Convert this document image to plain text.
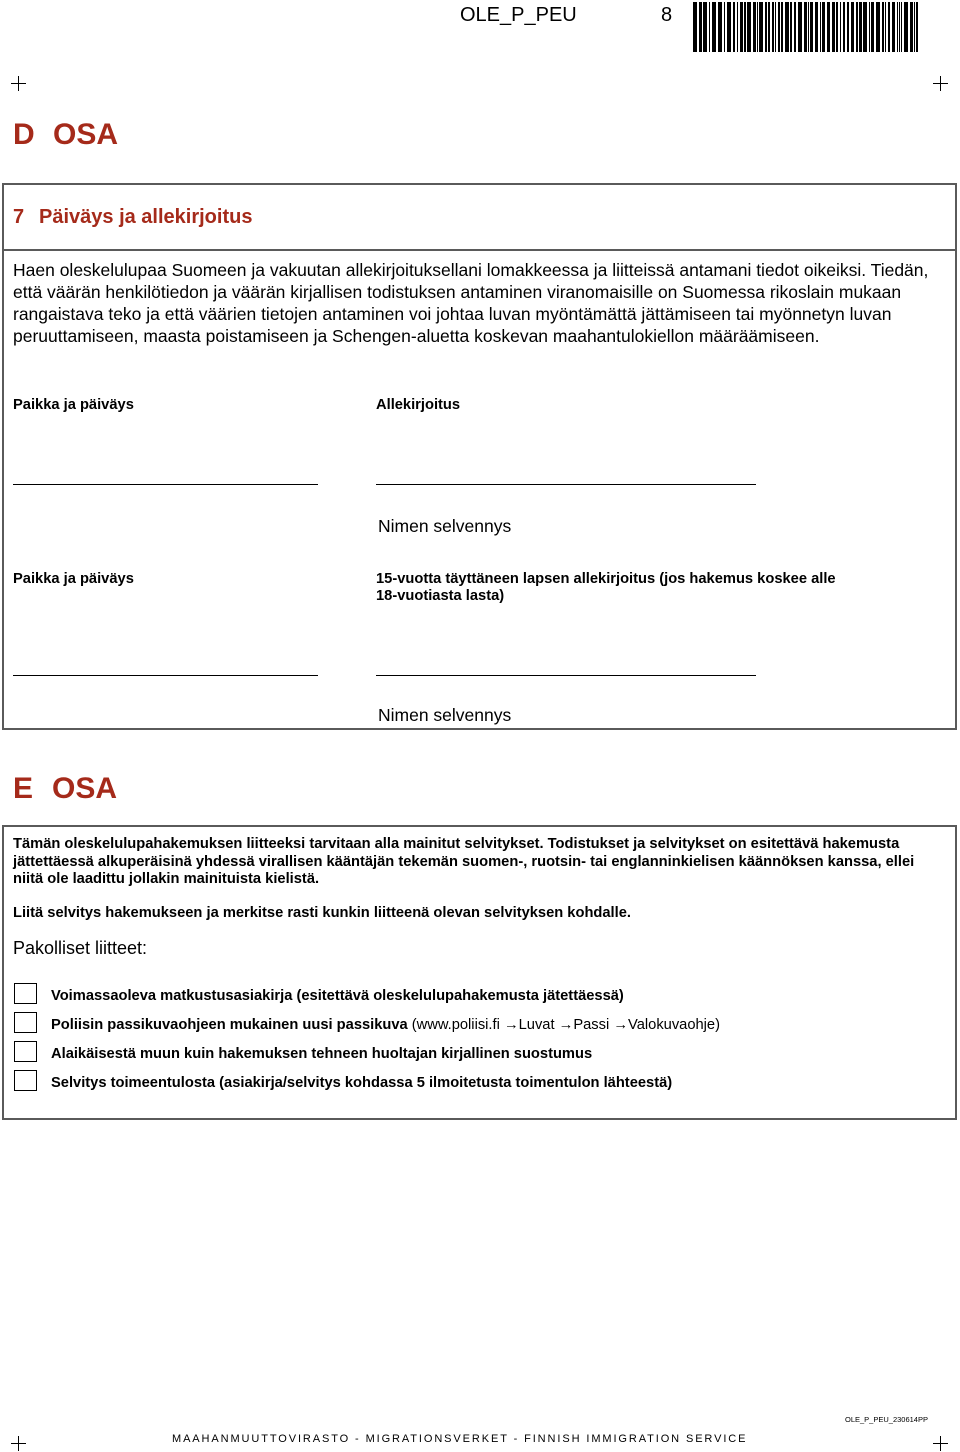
OLE_P_PEU	8
D OSA
7 Päiväys ja allekirjoitus
Haen oleskelulupaa Suomeen ja vakuutan allekirjoituksellani lomakkeessa ja liitteissä antamani tiedot oikeiksi. Tiedän,
että väärän henkilötiedon ja väärän kirjallisen todistuksen antaminen viranomaisille on Suomessa rikoslain mukaan
rangaistava teko ja että väärien tietojen antaminen voi johtaa luvan myöntämättä jättämiseen tai myönnetyn luvan
peruuttamiseen, maasta poistamiseen ja Schengen-aluetta koskevan maahantulokiellon määräämiseen.
Paikka ja päiväys	Allekirjoitus
Nimen selvennys
Paikka ja päiväys	15-vuotta täyttäneen lapsen allekirjoitus (jos hakemus koskee alle
18-vuotiasta lasta)
Nimen selvennys
E OSA
Tämän oleskelulupahakemuksen liitteeksi tarvitaan alla mainitut selvitykset. Todistukset ja selvitykset on esitettävä hakemusta
jättettäessä alkuperäisinä yhdessä virallisen kääntäjän tekemän suomen-, ruotsin- tai englanninkielisen käännöksen kanssa, ellei
niitä ole laadittu jollakin mainituista kielistä.
Liitä selvitys hakemukseen ja merkitse rasti kunkin liitteenä olevan selvityksen kohdalle.
Pakolliset liitteet:
Voimassaoleva matkustusasiakirja (esitettävä oleskelulupahakemusta jätettäessä)
Poliisin passikuvaohjeen mukainen uusi passikuva (www.poliisi.fi →Luvat →Passi →Valokuvaohje)
Alaikäisestä muun kuin hakemuksen tehneen huoltajan kirjallinen suostumus
Selvitys toimeentulosta (asiakirja/selvitys kohdassa 5 ilmoitetusta toimentulon lähteestä)
OLE_P_PEU_230614PP
MAAHANMUUTTOVIRASTO - MIGRATIONSVERKET - FINNISH IMMIGRATION SERVICE
